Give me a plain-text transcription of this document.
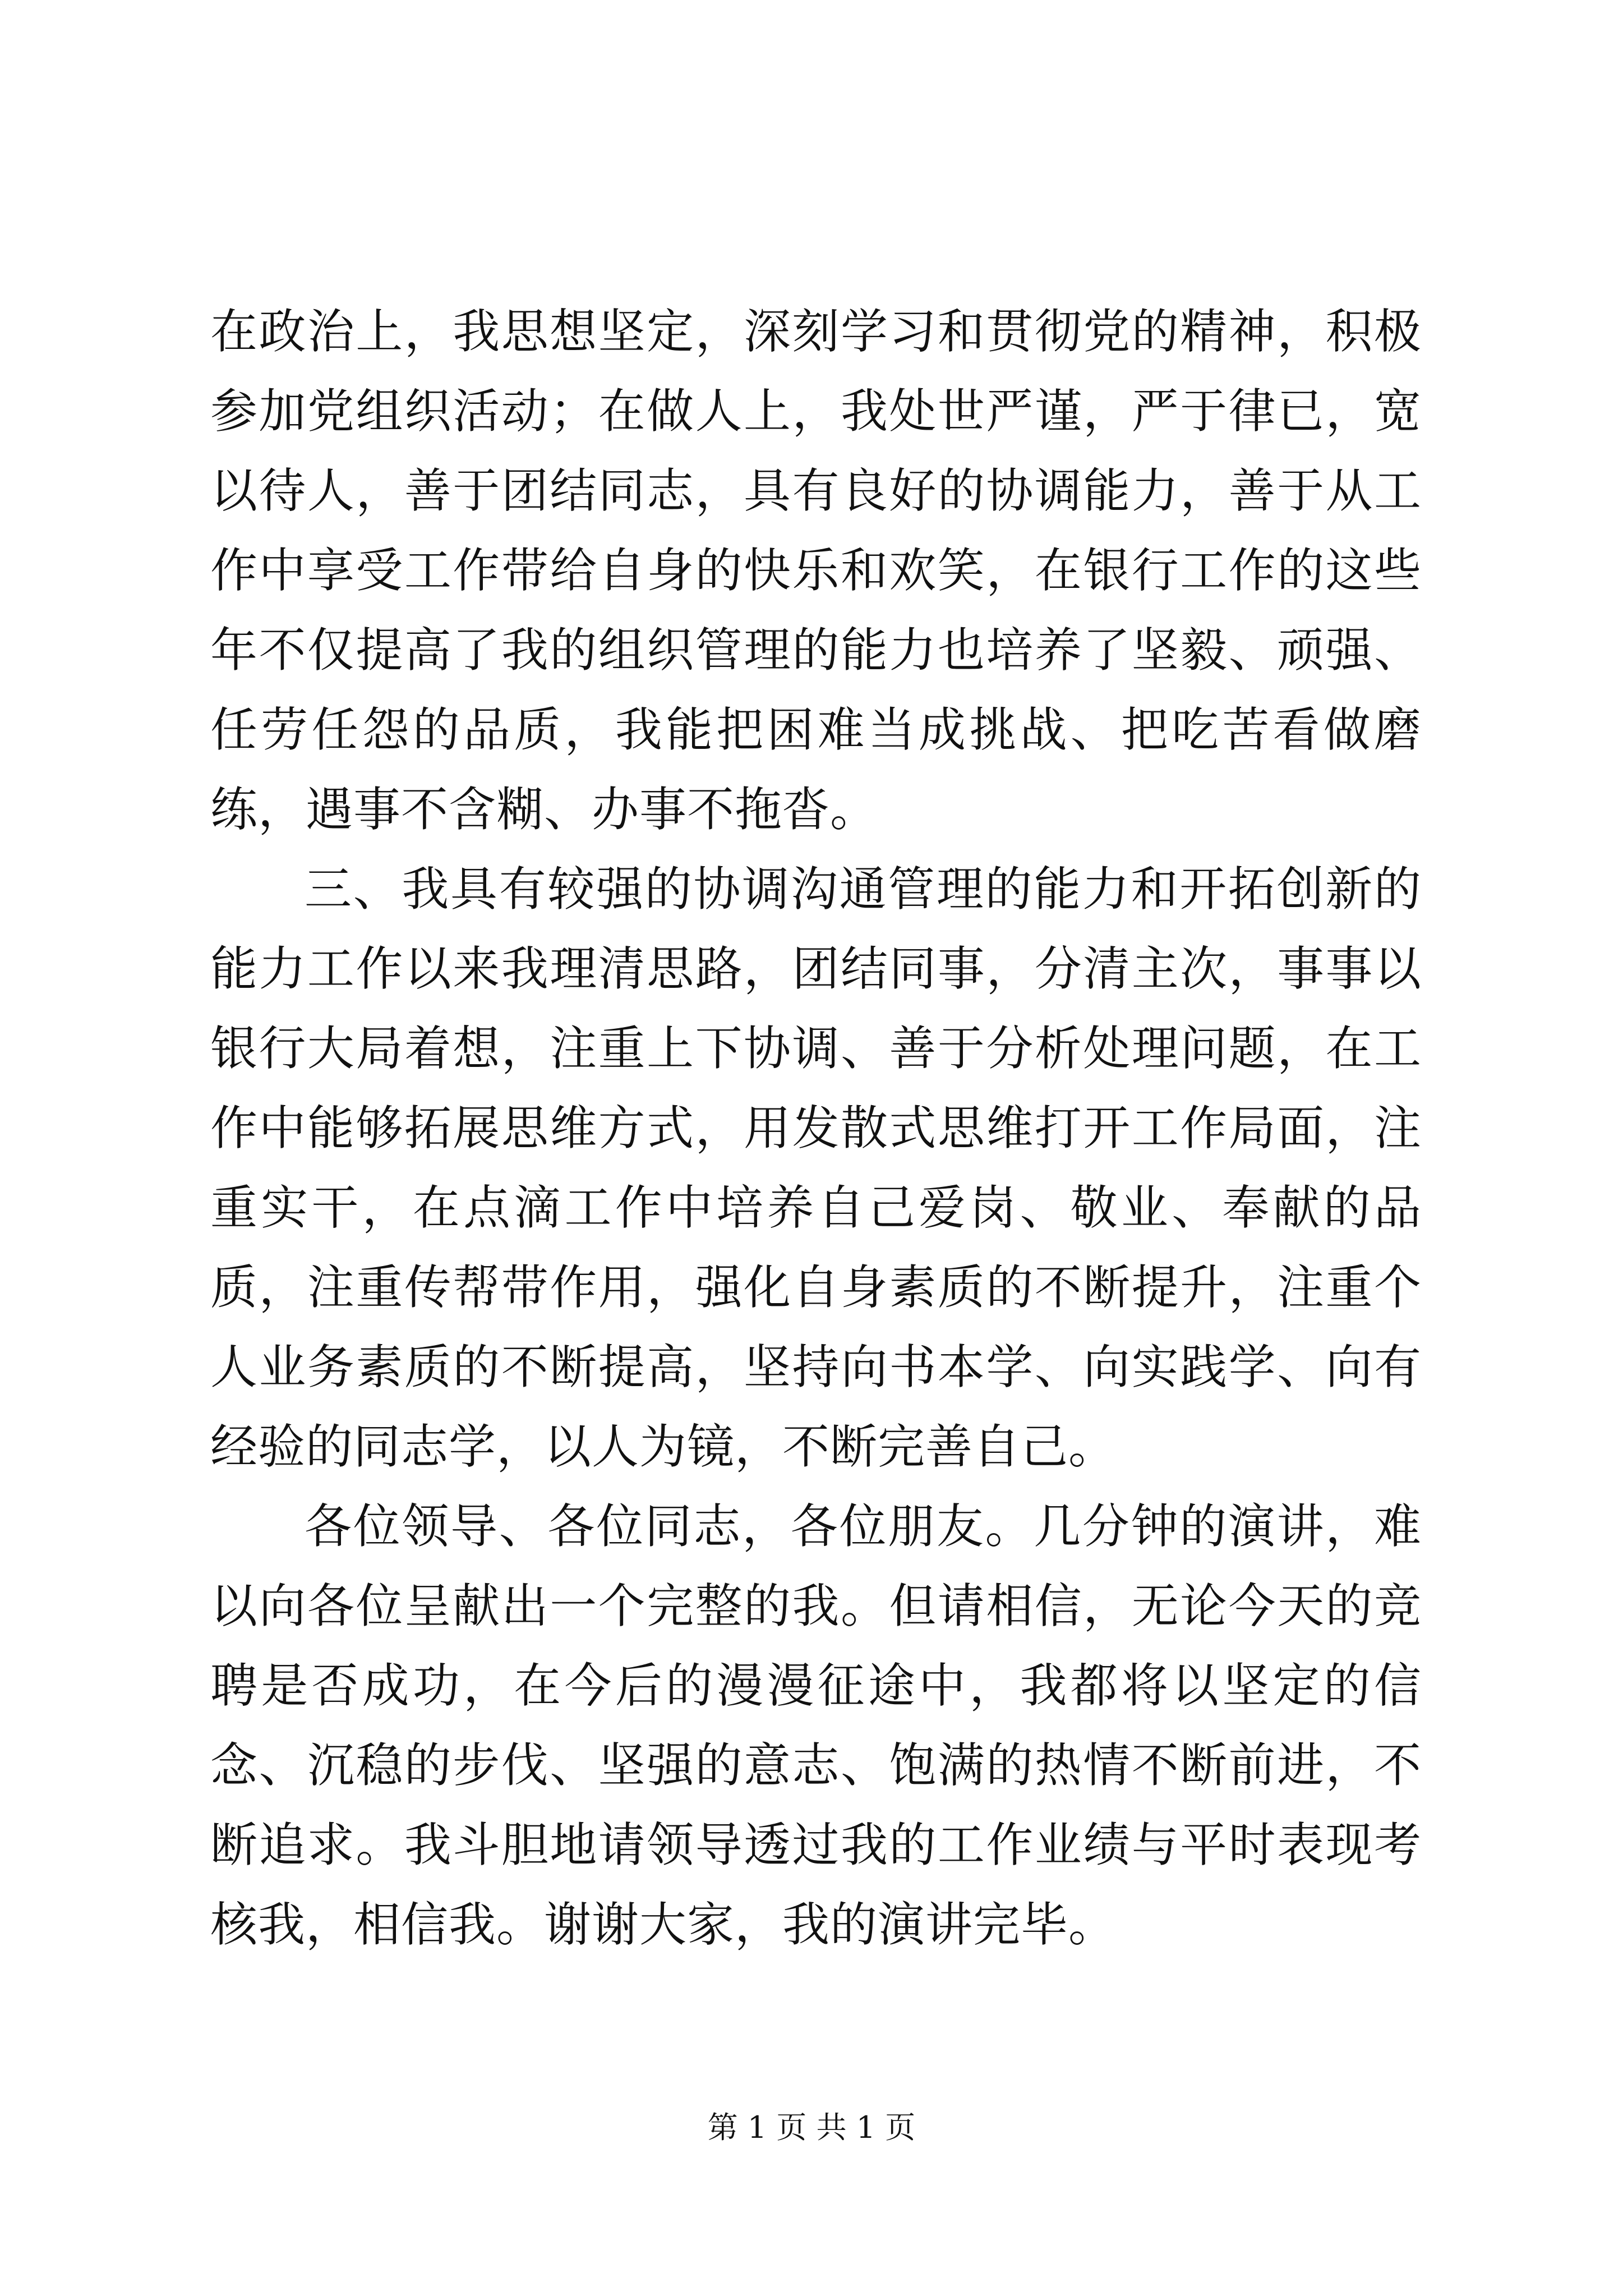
在政治上，我思想坚定，深刻学习和贯彻党的精神，积极参加党组织活动；在做人上，我处世严谨，严于律已，宽以待人，善于团结同志，具有良好的协调能力，善于从工作中享受工作带给自身的快乐和欢笑，在银行工作的这些年不仅提高了我的组织管理的能力也培养了坚毅、顽强、任劳任怨的品质，我能把困难当成挑战、把吃苦看做磨练，遇事不含糊、办事不拖沓。

三、我具有较强的协调沟通管理的能力和开拓创新的能力工作以来我理清思路，团结同事，分清主次，事事以银行大局着想，注重上下协调、善于分析处理问题，在工作中能够拓展思维方式，用发散式思维打开工作局面，注重实干，在点滴工作中培养自己爱岗、敬业、奉献的品质，注重传帮带作用，强化自身素质的不断提升，注重个人业务素质的不断提高，坚持向书本学、向实践学、向有经验的同志学，以人为镜，不断完善自己。

各位领导、各位同志，各位朋友。几分钟的演讲，难以向各位呈献出一个完整的我。但请相信，无论今天的竞聘是否成功，在今后的漫漫征途中，我都将以坚定的信念、沉稳的步伐、坚强的意志、饱满的热情不断前进，不断追求。我斗胆地请领导透过我的工作业绩与平时表现考核我，相信我。谢谢大家，我的演讲完毕。

第 1 页 共 1 页
